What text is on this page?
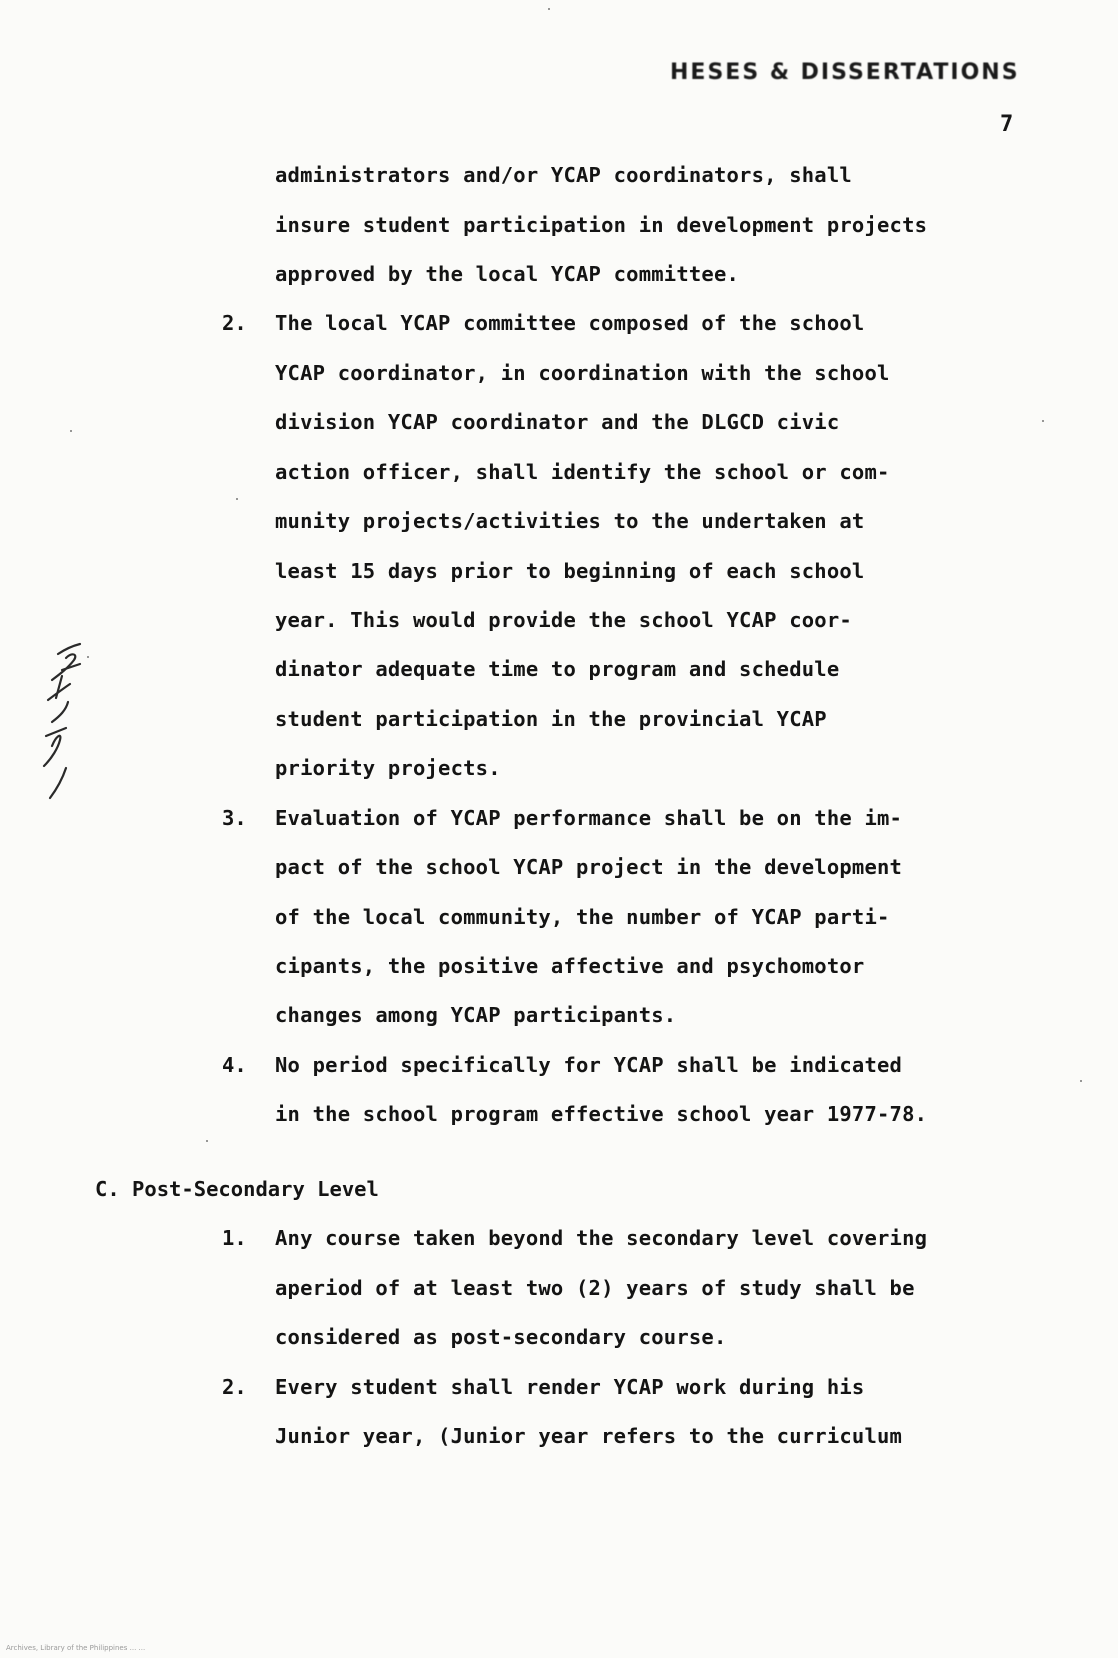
HESES & DISSERTATIONS
7
administrators and/or YCAP coordinators, shall
insure student participation in development projects
approved by the local YCAP committee.
2. The local YCAP committee composed of the school
YCAP coordinator, in coordination with the school
division YCAP coordinator and the DLGCD civic
action officer, shall identify the school or com-
munity projects/activities to the undertaken at
least 15 days prior to beginning of each school
year. This would provide the school YCAP coor-
dinator adequate time to program and schedule
student participation in the provincial YCAP
priority projects.
3. Evaluation of YCAP performance shall be on the im-
pact of the school YCAP project in the development
of the local community, the number of YCAP parti-
cipants, the positive affective and psychomotor
changes among YCAP participants.
4. No period specifically for YCAP shall be indicated
in the school program effective school year 1977-78.
C. Post-Secondary Level
1. Any course taken beyond the secondary level covering
aperiod of at least two (2) years of study shall be
considered as post-secondary course.
2. Every student shall render YCAP work during his
Junior year, (Junior year refers to the curriculum
Archives, Library of the Philippines ... ...
